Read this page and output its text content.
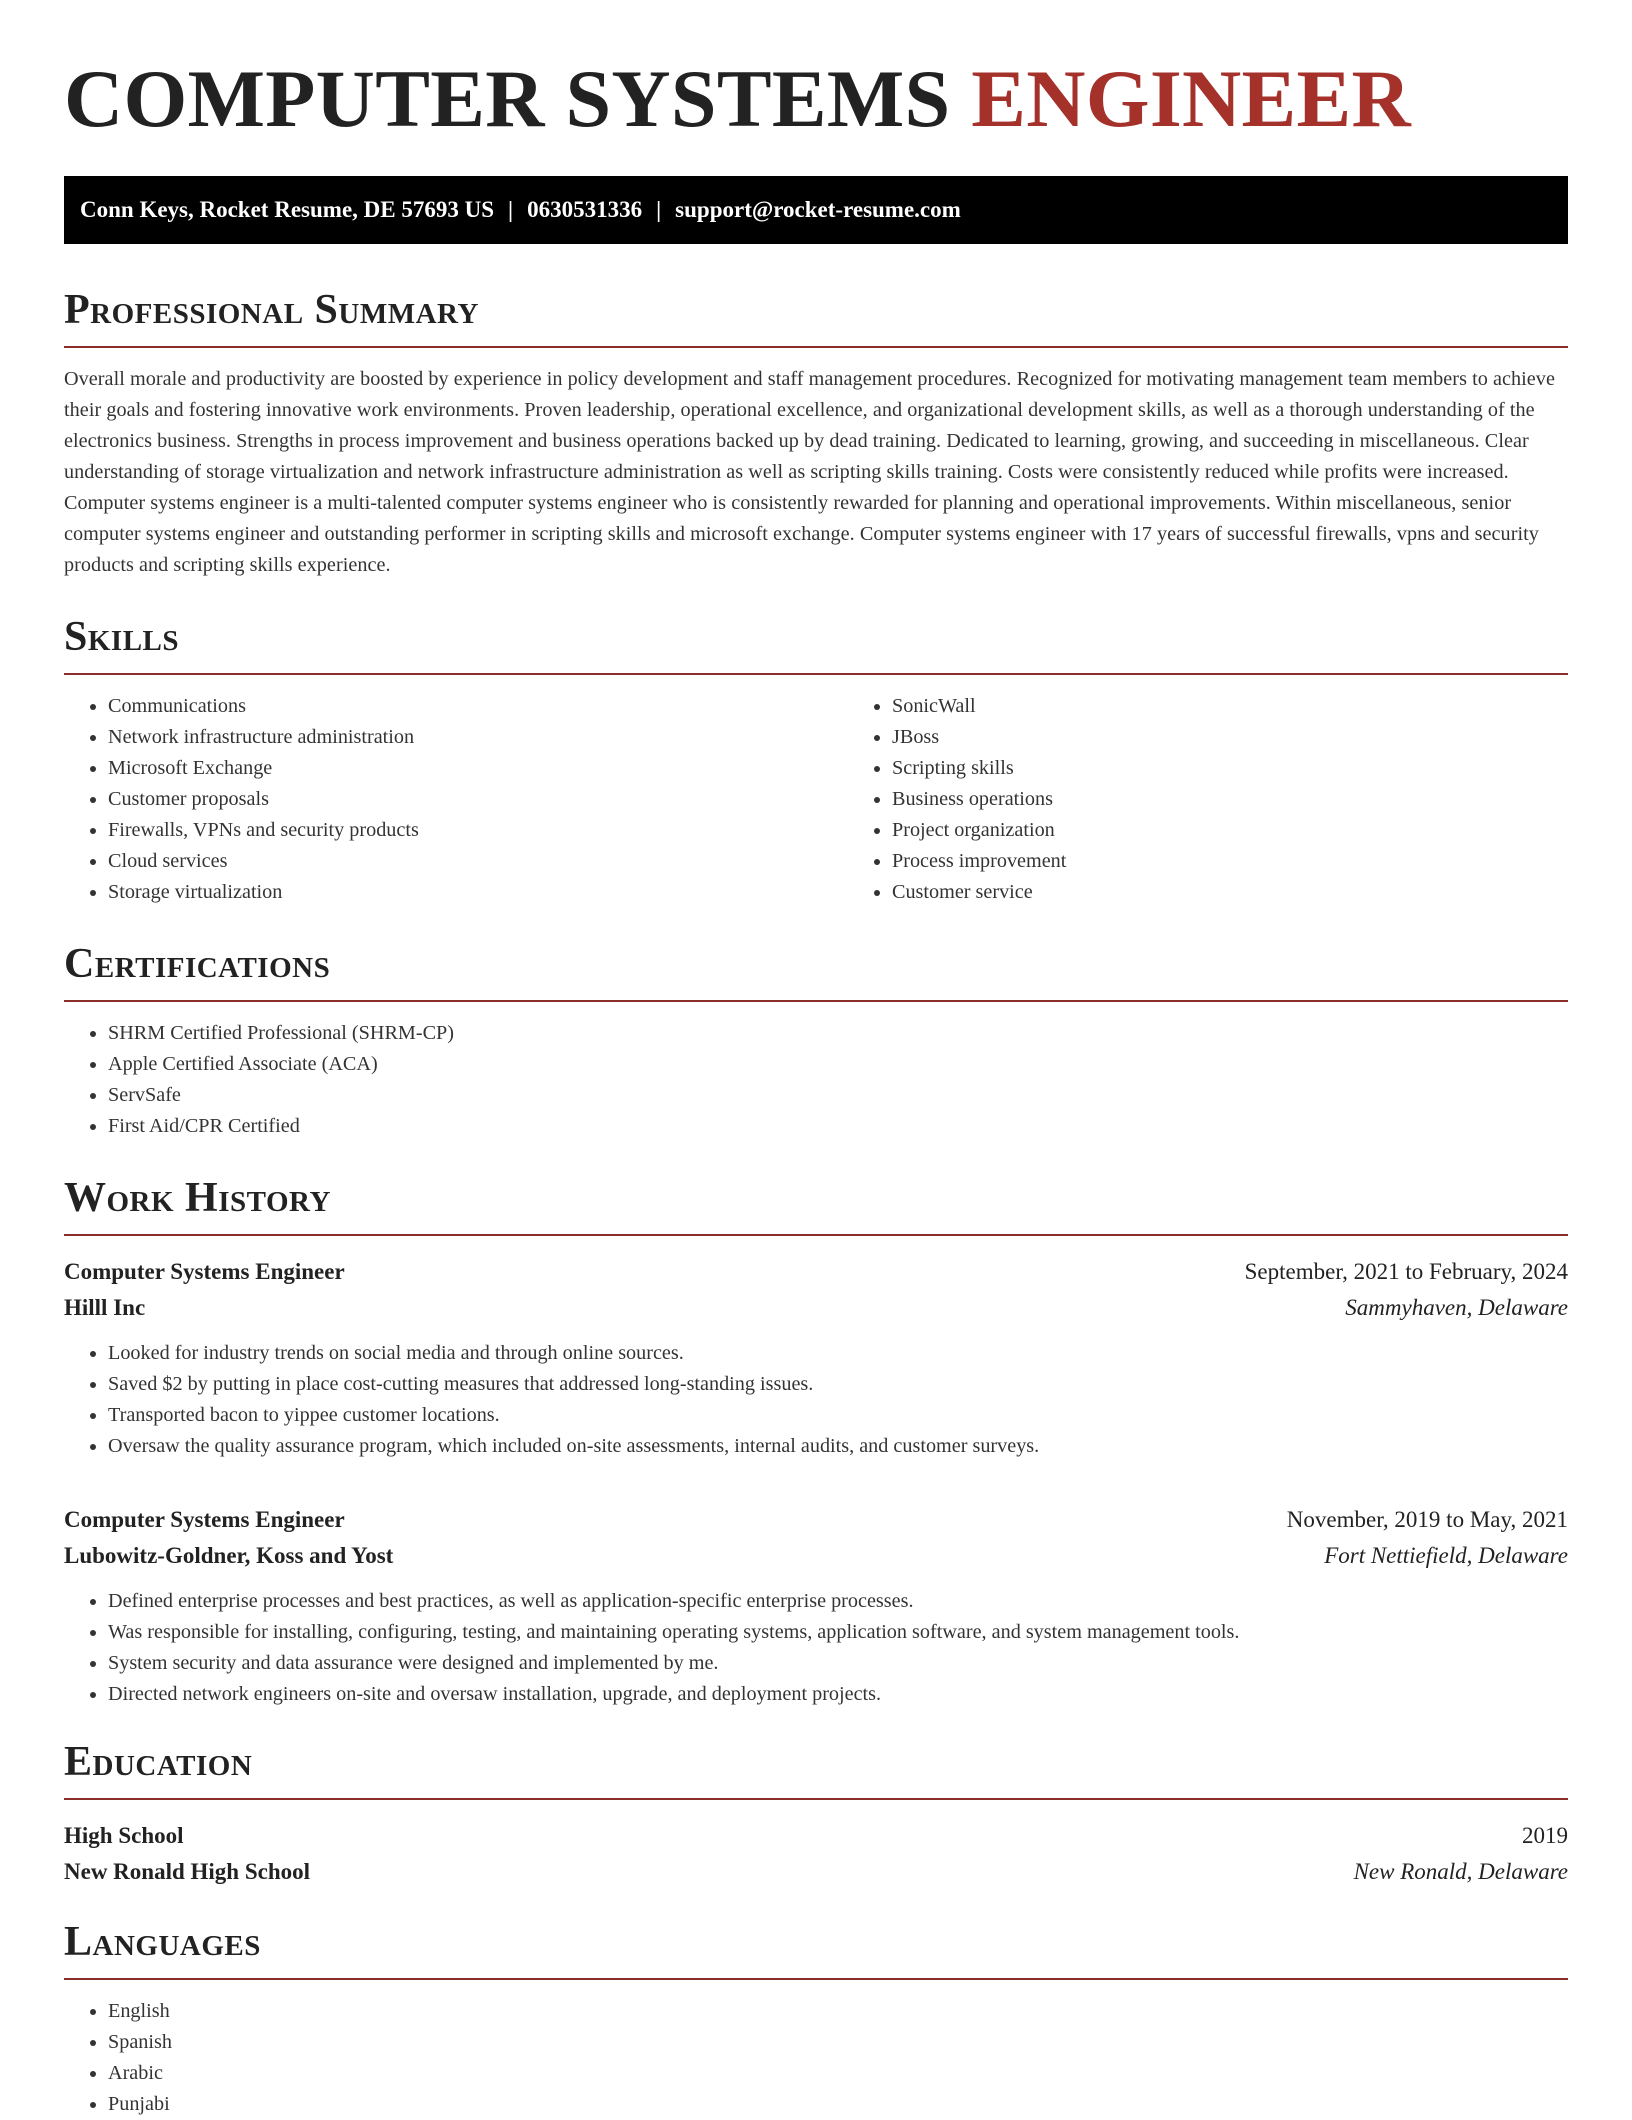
COMPUTER SYSTEMS ENGINEER
Conn Keys, Rocket Resume, DE 57693 US | 0630531336 | support@rocket-resume.com
Professional Summary

Overall morale and productivity are boosted by experience in policy development and staff management procedures. Recognized for motivating management team members to achieve their goals and fostering innovative work environments. Proven leadership, operational excellence, and organizational development skills, as well as a thorough understanding of the electronics business. Strengths in process improvement and business operations backed up by dead training. Dedicated to learning, growing, and succeeding in miscellaneous. Clear understanding of storage virtualization and network infrastructure administration as well as scripting skills training. Costs were consistently reduced while profits were increased. Computer systems engineer is a multi-talented computer systems engineer who is consistently rewarded for planning and operational improvements. Within miscellaneous, senior computer systems engineer and outstanding performer in scripting skills and microsoft exchange. Computer systems engineer with 17 years of successful firewalls, vpns and security products and scripting skills experience.

Skills
• Communications
• Network infrastructure administration
• Microsoft Exchange
• Customer proposals
• Firewalls, VPNs and security products
• Cloud services
• Storage virtualization
• SonicWall
• JBoss
• Scripting skills
• Business operations
• Project organization
• Process improvement
• Customer service
Certifications
• SHRM Certified Professional (SHRM-CP)
• Apple Certified Associate (ACA)
• ServSafe
• First Aid/CPR Certified
Work History
Computer Systems Engineer	September, 2021 to February, 2024
Hilll Inc	Sammyhaven, Delaware
• Looked for industry trends on social media and through online sources.
• Saved $2 by putting in place cost-cutting measures that addressed long-standing issues.
• Transported bacon to yippee customer locations.
• Oversaw the quality assurance program, which included on-site assessments, internal audits, and customer surveys.
Computer Systems Engineer	November, 2019 to May, 2021
Lubowitz-Goldner, Koss and Yost	Fort Nettiefield, Delaware
• Defined enterprise processes and best practices, as well as application-specific enterprise processes.
• Was responsible for installing, configuring, testing, and maintaining operating systems, application software, and system management tools.
• System security and data assurance were designed and implemented by me.
• Directed network engineers on-site and oversaw installation, upgrade, and deployment projects.
Education
High School	2019
New Ronald High School	New Ronald, Delaware
Languages
• English
• Spanish
• Arabic
• Punjabi
